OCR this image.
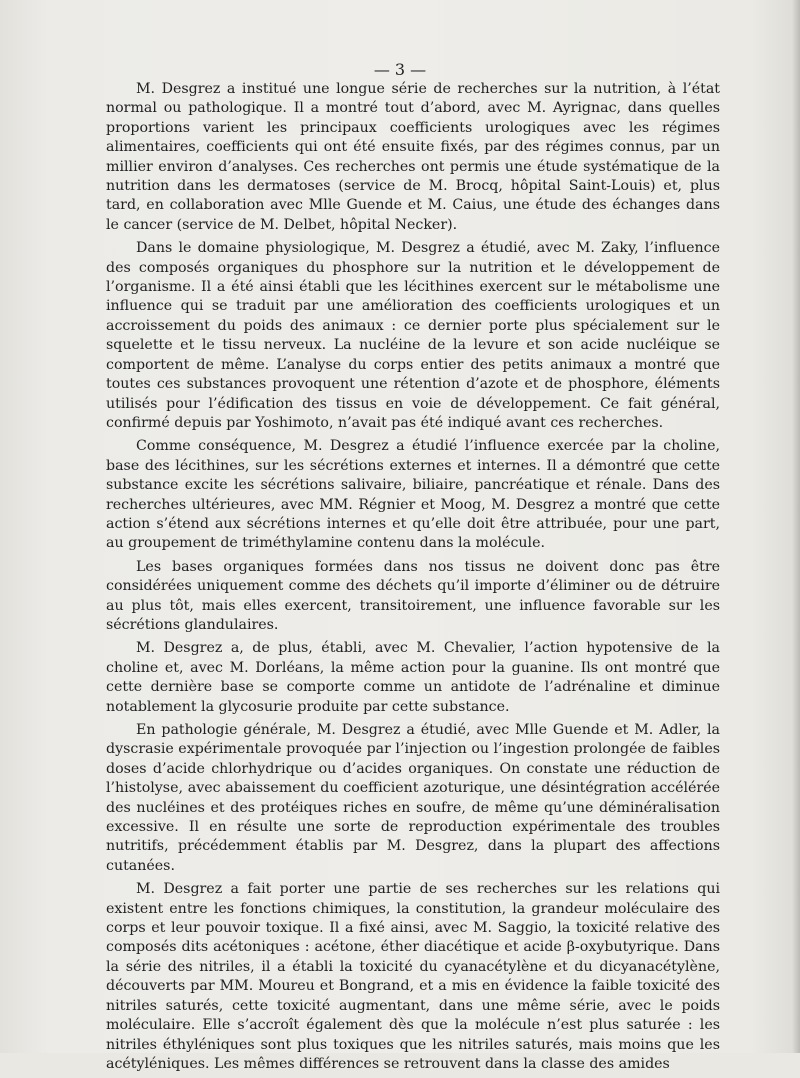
— 3 —

M. Desgrez a institué une longue série de recherches sur la nutrition, à l’état normal ou pathologique. Il a montré tout d’abord, avec M. Ayrignac, dans quelles proportions varient les principaux coefficients urologiques avec les régimes alimentaires, coefficients qui ont été ensuite fixés, par des régimes connus, par un millier environ d’analyses. Ces recherches ont permis une étude systématique de la nutrition dans les dermatoses (service de M. Brocq, hôpital Saint-Louis) et, plus tard, en collaboration avec Mlle Guende et M. Caius, une étude des échanges dans le cancer (service de M. Delbet, hôpital Necker).

Dans le domaine physiologique, M. Desgrez a étudié, avec M. Zaky, l’influence des composés organiques du phosphore sur la nutrition et le développement de l’organisme. Il a été ainsi établi que les lécithines exercent sur le métabolisme une influence qui se traduit par une amélioration des coefficients urologiques et un accroissement du poids des animaux : ce dernier porte plus spécialement sur le squelette et le tissu nerveux. La nucléine de la levure et son acide nucléique se comportent de même. L’analyse du corps entier des petits animaux a montré que toutes ces substances provoquent une rétention d’azote et de phosphore, éléments utilisés pour l’édification des tissus en voie de développement. Ce fait général, confirmé depuis par Yoshimoto, n’avait pas été indiqué avant ces recherches.

Comme conséquence, M. Desgrez a étudié l’influence exercée par la choline, base des lécithines, sur les sécrétions externes et internes. Il a démontré que cette substance excite les sécrétions salivaire, biliaire, pancréatique et rénale. Dans des recherches ultérieures, avec MM. Régnier et Moog, M. Desgrez a montré que cette action s’étend aux sécrétions internes et qu’elle doit être attribuée, pour une part, au groupement de triméthylamine contenu dans la molécule.

Les bases organiques formées dans nos tissus ne doivent donc pas être considérées uniquement comme des déchets qu’il importe d’éliminer ou de détruire au plus tôt, mais elles exercent, transitoirement, une influence favorable sur les sécrétions glandulaires.

M. Desgrez a, de plus, établi, avec M. Chevalier, l’action hypotensive de la choline et, avec M. Dorléans, la même action pour la guanine. Ils ont montré que cette dernière base se comporte comme un antidote de l’adrénaline et diminue notablement la glycosurie produite par cette substance.

En pathologie générale, M. Desgrez a étudié, avec Mlle Guende et M. Adler, la dyscrasie expérimentale provoquée par l’injection ou l’ingestion prolongée de faibles doses d’acide chlorhydrique ou d’acides organiques. On constate une réduction de l’histolyse, avec abaissement du coefficient azoturique, une désintégration accélérée des nucléines et des protéiques riches en soufre, de même qu’une déminéralisation excessive. Il en résulte une sorte de reproduction expérimentale des troubles nutritifs, précédemment établis par M. Desgrez, dans la plupart des affections cutanées.

M. Desgrez a fait porter une partie de ses recherches sur les relations qui existent entre les fonctions chimiques, la constitution, la grandeur moléculaire des corps et leur pouvoir toxique. Il a fixé ainsi, avec M. Saggio, la toxicité relative des composés dits acétoniques : acétone, éther diacétique et acide β-oxybutyrique. Dans la série des nitriles, il a établi la toxicité du cyanacétylène et du dicyanacétylène, découverts par MM. Moureu et Bongrand, et a mis en évidence la faible toxicité des nitriles saturés, cette toxicité augmentant, dans une même série, avec le poids moléculaire. Elle s’accroît également dès que la molécule n’est plus saturée : les nitriles éthyléniques sont plus toxiques que les nitriles saturés, mais moins que les acétyléniques. Les mêmes différences se retrouvent dans la classe des amides
